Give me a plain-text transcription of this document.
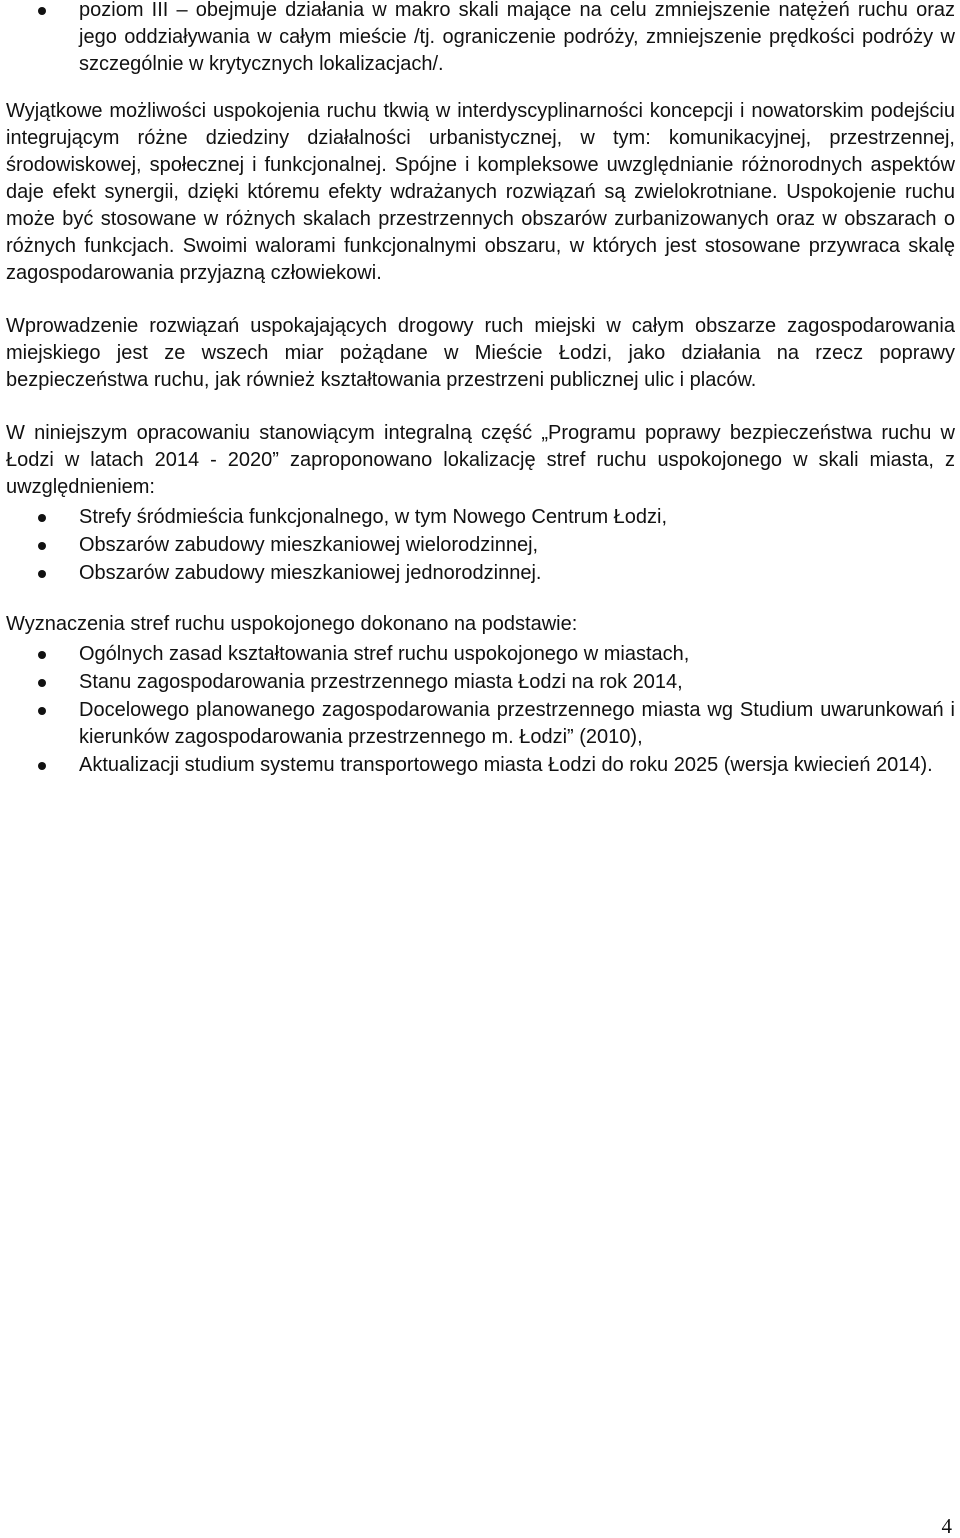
poziom III – obejmuje działania w makro skali mające na celu zmniejszenie natężeń ruchu oraz jego oddziaływania w całym mieście /tj. ograniczenie podróży, zmniejszenie prędkości podróży w szczególnie w krytycznych lokalizacjach/.

Wyjątkowe możliwości uspokojenia ruchu tkwią w interdyscyplinarności koncepcji i nowatorskim podejściu integrującym różne dziedziny działalności urbanistycznej, w tym: komunikacyjnej, przestrzennej, środowiskowej, społecznej i funkcjonalnej. Spójne i kompleksowe uwzględnianie różnorodnych aspektów daje efekt synergii, dzięki któremu efekty wdrażanych rozwiązań są zwielokrotniane. Uspokojenie ruchu może być stosowane w różnych skalach przestrzennych obszarów zurbanizowanych oraz w obszarach o różnych funkcjach. Swoimi walorami funkcjonalnymi obszaru, w których jest stosowane przywraca skalę zagospodarowania przyjazną człowiekowi.

Wprowadzenie rozwiązań uspokajających drogowy ruch miejski w całym obszarze zagospodarowania miejskiego jest ze wszech miar pożądane w Mieście Łodzi, jako działania na rzecz poprawy bezpieczeństwa ruchu, jak również kształtowania przestrzeni publicznej ulic i placów.

W niniejszym opracowaniu stanowiącym integralną część „Programu poprawy bezpieczeństwa ruchu w Łodzi w latach 2014 - 2020” zaproponowano lokalizację stref ruchu uspokojonego w skali miasta, z uwzględnieniem:

Strefy śródmieścia funkcjonalnego, w tym Nowego Centrum Łodzi,
Obszarów zabudowy mieszkaniowej wielorodzinnej,
Obszarów zabudowy mieszkaniowej jednorodzinnej.

Wyznaczenia stref ruchu uspokojonego dokonano na podstawie:

Ogólnych zasad kształtowania stref ruchu uspokojonego w miastach,
Stanu zagospodarowania przestrzennego miasta Łodzi na rok 2014,
Docelowego planowanego zagospodarowania przestrzennego miasta wg Studium uwarunkowań i kierunków zagospodarowania przestrzennego m. Łodzi” (2010),
Aktualizacji studium systemu transportowego miasta Łodzi do roku 2025 (wersja kwiecień 2014).
4
